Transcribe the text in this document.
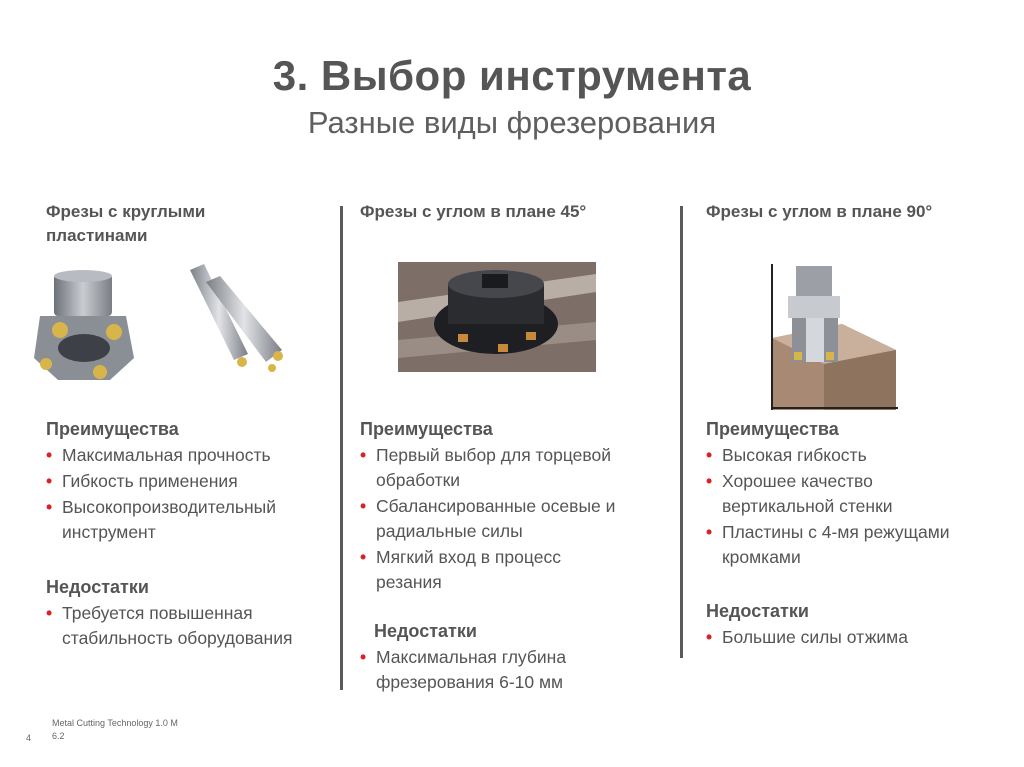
3. Выбор инструмента
Разные виды фрезерования
Фрезы с круглыми
пластинами
Преимущества
• Максимальная прочность
• Гибкость применения
• Высокопроизводительный
инструмент
Недостатки
• Требуется повышенная
стабильность оборудования
Фрезы с углом в плане 45°
Преимущества
• Первый выбор для торцевой
обработки
• Сбалансированные осевые и
радиальные силы
• Мягкий вход в процесс
резания
Недостатки
• Максимальная глубина
фрезерования 6-10 мм
Фрезы с углом в плане 90°
Преимущества
• Высокая гибкость
• Хорошее качество
вертикальной стенки
• Пластины с 4-мя режущами
кромками
Недостатки
• Большие силы отжима
4
Metal Cutting Technology 1.0 M
6.2
